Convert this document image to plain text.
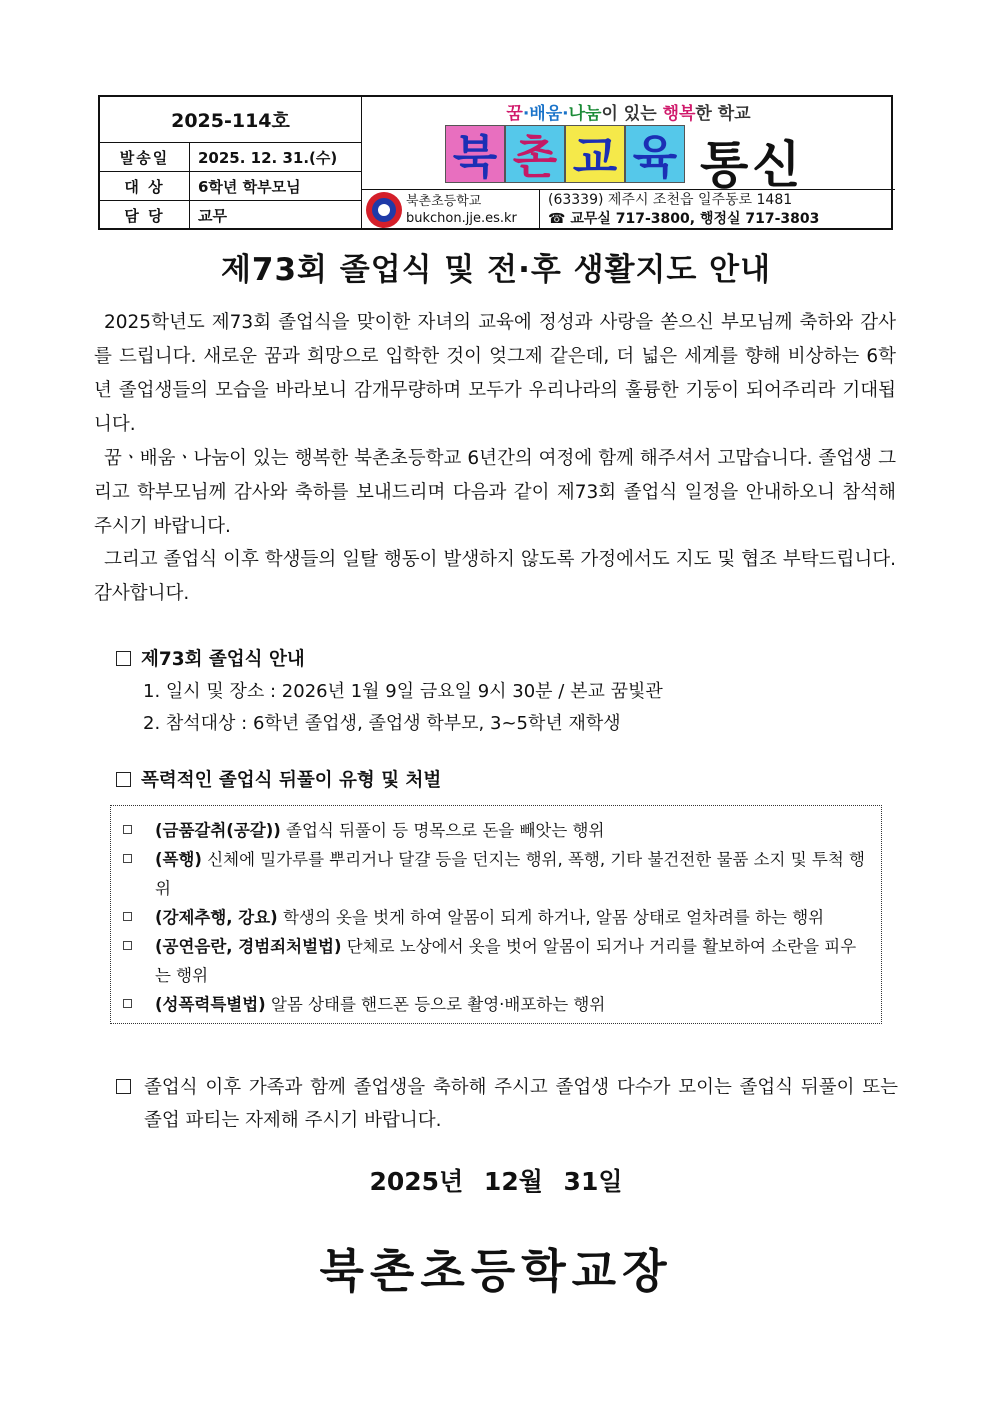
2025-114호
발송일	2025. 12. 31.(수)
대 상	6학년 학부모님
담 당	교무
꿈·배움·나눔이 있는 행복한 학교
북 촌 교 육 통신
북촌초등학교
bukchon.jje.es.kr
(63339) 제주시 조천읍 일주동로 1481
☎ 교무실 717-3800, 행정실 717-3803
제73회 졸업식 및 전·후 생활지도 안내
2025학년도 제73회 졸업식을 맞이한 자녀의 교육에 정성과 사랑을 쏟으신 부모님께 축하와 감사를 드립니다. 새로운 꿈과 희망으로 입학한 것이 엊그제 같은데, 더 넓은 세계를 향해 비상하는 6학년 졸업생들의 모습을 바라보니 감개무량하며 모두가 우리나라의 훌륭한 기둥이 되어주리라 기대됩니다.
꿈ㆍ배움ㆍ나눔이 있는 행복한 북촌초등학교 6년간의 여정에 함께 해주셔서 고맙습니다. 졸업생 그리고 학부모님께 감사와 축하를 보내드리며 다음과 같이 제73회 졸업식 일정을 안내하오니 참석해 주시기 바랍니다.
그리고 졸업식 이후 학생들의 일탈 행동이 발생하지 않도록 가정에서도 지도 및 협조 부탁드립니다. 감사합니다.
제73회 졸업식 안내
1. 일시 및 장소 : 2026년 1월 9일 금요일 9시 30분 / 본교 꿈빛관
2. 참석대상 : 6학년 졸업생, 졸업생 학부모, 3~5학년 재학생
폭력적인 졸업식 뒤풀이 유형 및 처벌
(금품갈취(공갈)) 졸업식 뒤풀이 등 명목으로 돈을 빼앗는 행위
(폭행) 신체에 밀가루를 뿌리거나 달걀 등을 던지는 행위, 폭행, 기타 불건전한 물품 소지 및 투척 행위
(강제추행, 강요) 학생의 옷을 벗게 하여 알몸이 되게 하거나, 알몸 상태로 얼차려를 하는 행위
(공연음란, 경범죄처벌법) 단체로 노상에서 옷을 벗어 알몸이 되거나 거리를 활보하여 소란을 피우는 행위
(성폭력특별법) 알몸 상태를 핸드폰 등으로 촬영·배포하는 행위
졸업식 이후 가족과 함께 졸업생을 축하해 주시고 졸업생 다수가 모이는 졸업식 뒤풀이 또는 졸업 파티는 자제해 주시기 바랍니다.
2025년 12월 31일
북촌초등학교장
